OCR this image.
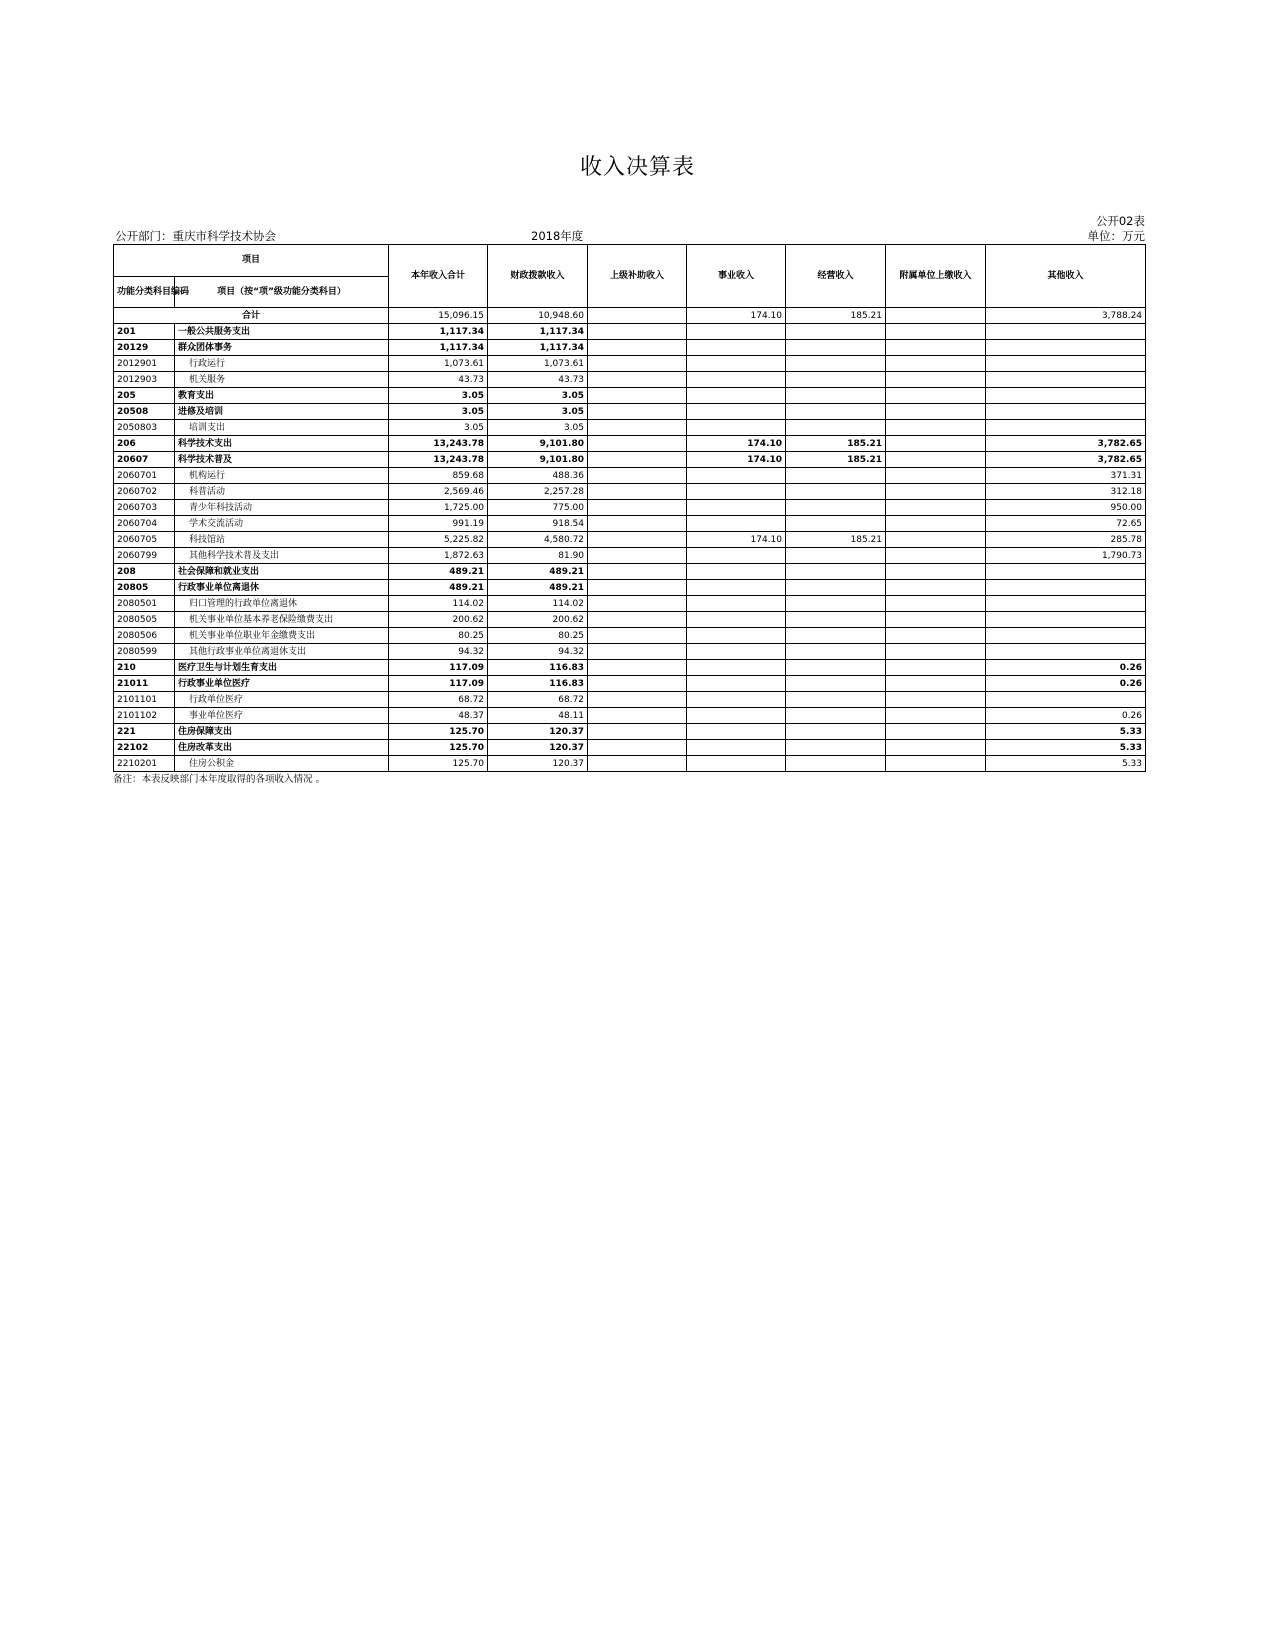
收入决算表
公开02表
公开部门：重庆市科学技术协会	2018年度	单位：万元
项目		本年收入合计	财政拨款收入	上级补助收入	事业收入	经营收入	附属单位上缴收入	其他收入
功能分类科目编码	项目（按“项”级功能分类科目）							
合计		15,096.15	10,948.60		174.10	185.21		3,788.24
201	一般公共服务支出	1,117.34	1,117.34					
20129	群众团体事务	1,117.34	1,117.34					
2012901	行政运行	1,073.61	1,073.61					
2012903	机关服务	43.73	43.73					
205	教育支出	3.05	3.05					
20508	进修及培训	3.05	3.05					
2050803	培训支出	3.05	3.05					
206	科学技术支出	13,243.78	9,101.80		174.10	185.21		3,782.65
20607	科学技术普及	13,243.78	9,101.80		174.10	185.21		3,782.65
2060701	机构运行	859.68	488.36					371.31
2060702	科普活动	2,569.46	2,257.28					312.18
2060703	青少年科技活动	1,725.00	775.00					950.00
2060704	学术交流活动	991.19	918.54					72.65
2060705	科技馆站	5,225.82	4,580.72		174.10	185.21		285.78
2060799	其他科学技术普及支出	1,872.63	81.90					1,790.73
208	社会保障和就业支出	489.21	489.21					
20805	行政事业单位离退休	489.21	489.21					
2080501	归口管理的行政单位离退休	114.02	114.02					
2080505	机关事业单位基本养老保险缴费支出	200.62	200.62					
2080506	机关事业单位职业年金缴费支出	80.25	80.25					
2080599	其他行政事业单位离退休支出	94.32	94.32					
210	医疗卫生与计划生育支出	117.09	116.83					0.26
21011	行政事业单位医疗	117.09	116.83					0.26
2101101	行政单位医疗	68.72	68.72					
2101102	事业单位医疗	48.37	48.11					0.26
221	住房保障支出	125.70	120.37					5.33
22102	住房改革支出	125.70	120.37					5.33
2210201	住房公积金	125.70	120.37					5.33
备注：本表反映部门本年度取得的各项收入情况 。
